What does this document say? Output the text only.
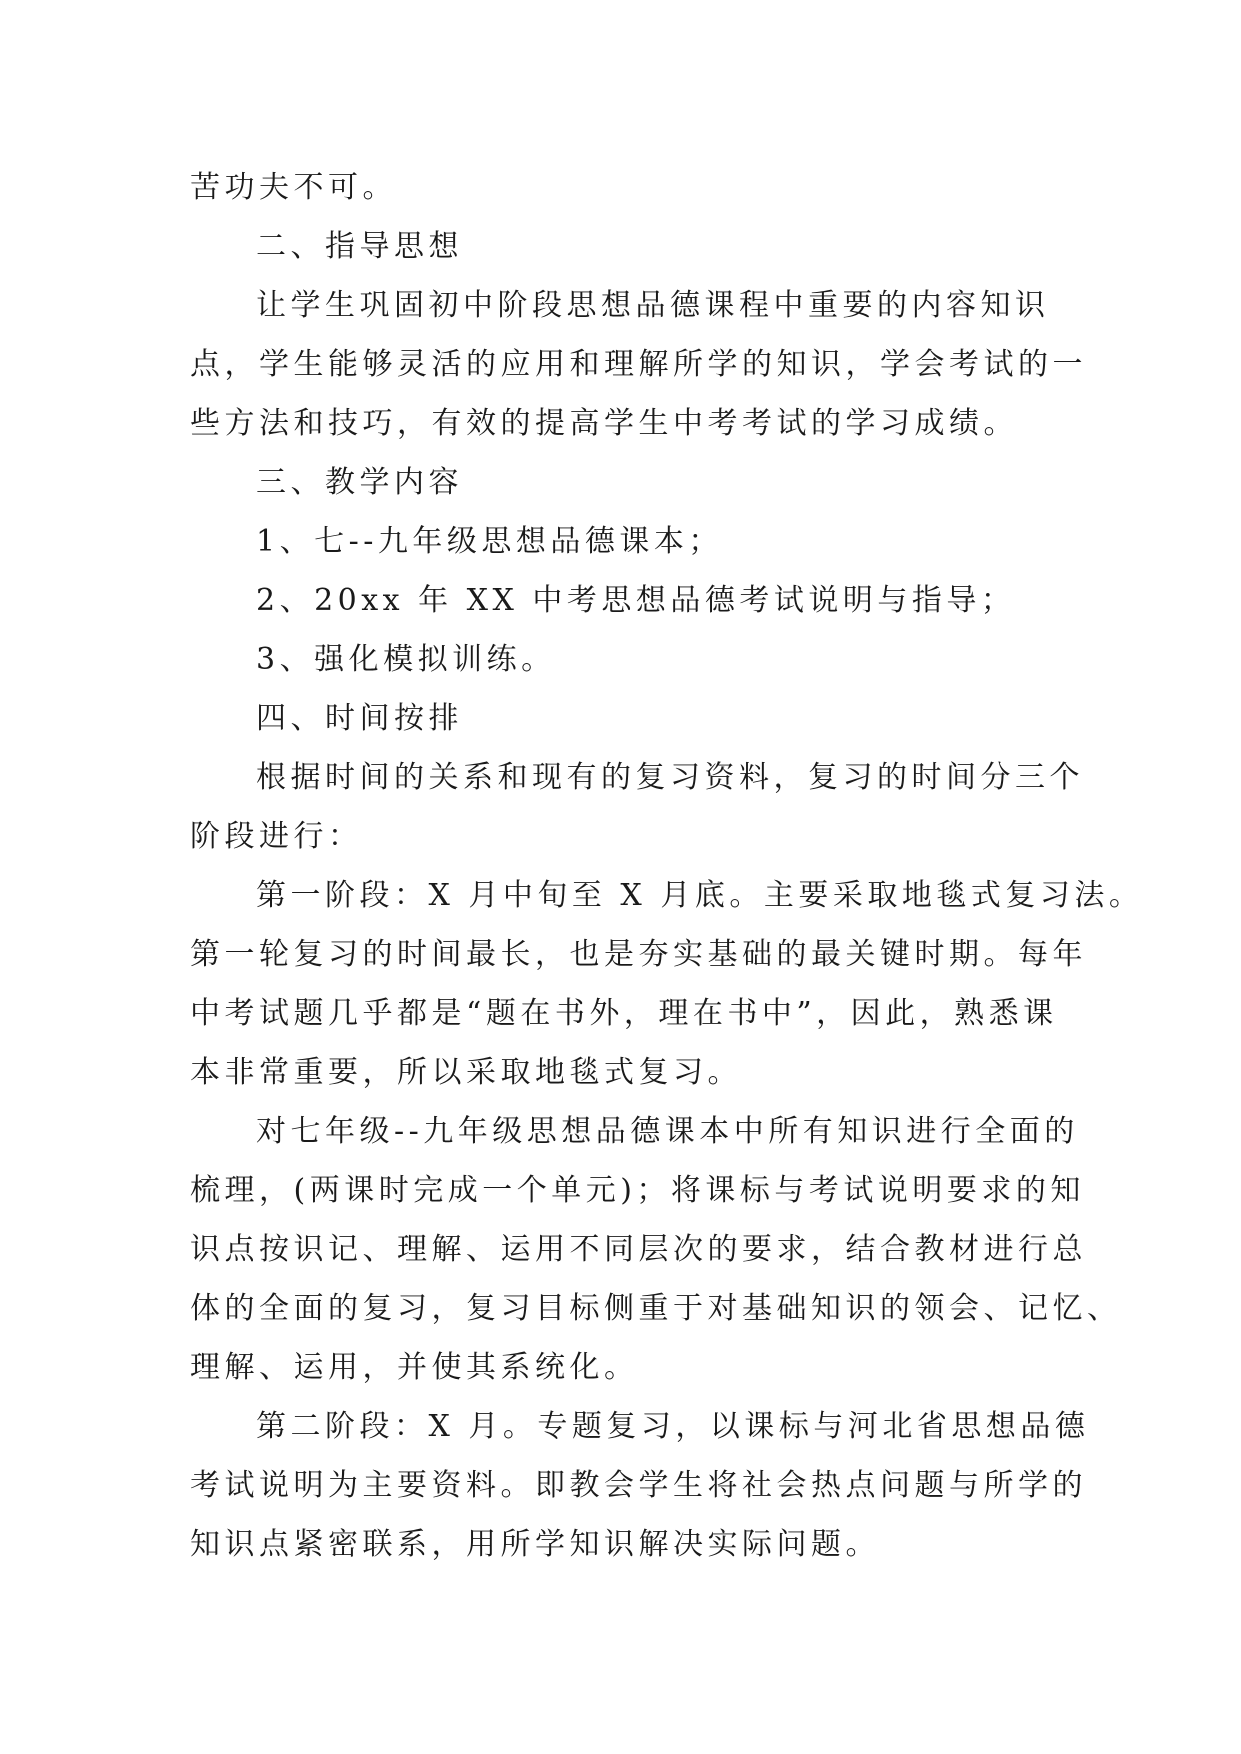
苦功夫不可。
二、指导思想
让学生巩固初中阶段思想品德课程中重要的内容知识
点，学生能够灵活的应用和理解所学的知识，学会考试的一
些方法和技巧，有效的提高学生中考考试的学习成绩。
三、教学内容
1、七--九年级思想品德课本；
2、20xx 年 XX 中考思想品德考试说明与指导；
3、强化模拟训练。
四、时间按排
根据时间的关系和现有的复习资料，复习的时间分三个
阶段进行：
第一阶段：X 月中旬至 X 月底。主要采取地毯式复习法。
第一轮复习的时间最长，也是夯实基础的最关键时期。每年
中考试题几乎都是“题在书外，理在书中”，因此，熟悉课
本非常重要，所以采取地毯式复习。
对七年级--九年级思想品德课本中所有知识进行全面的
梳理，(两课时完成一个单元)；将课标与考试说明要求的知
识点按识记、理解、运用不同层次的要求，结合教材进行总
体的全面的复习，复习目标侧重于对基础知识的领会、记忆、
理解、运用，并使其系统化。
第二阶段：X 月。专题复习，以课标与河北省思想品德
考试说明为主要资料。即教会学生将社会热点问题与所学的
知识点紧密联系，用所学知识解决实际问题。
